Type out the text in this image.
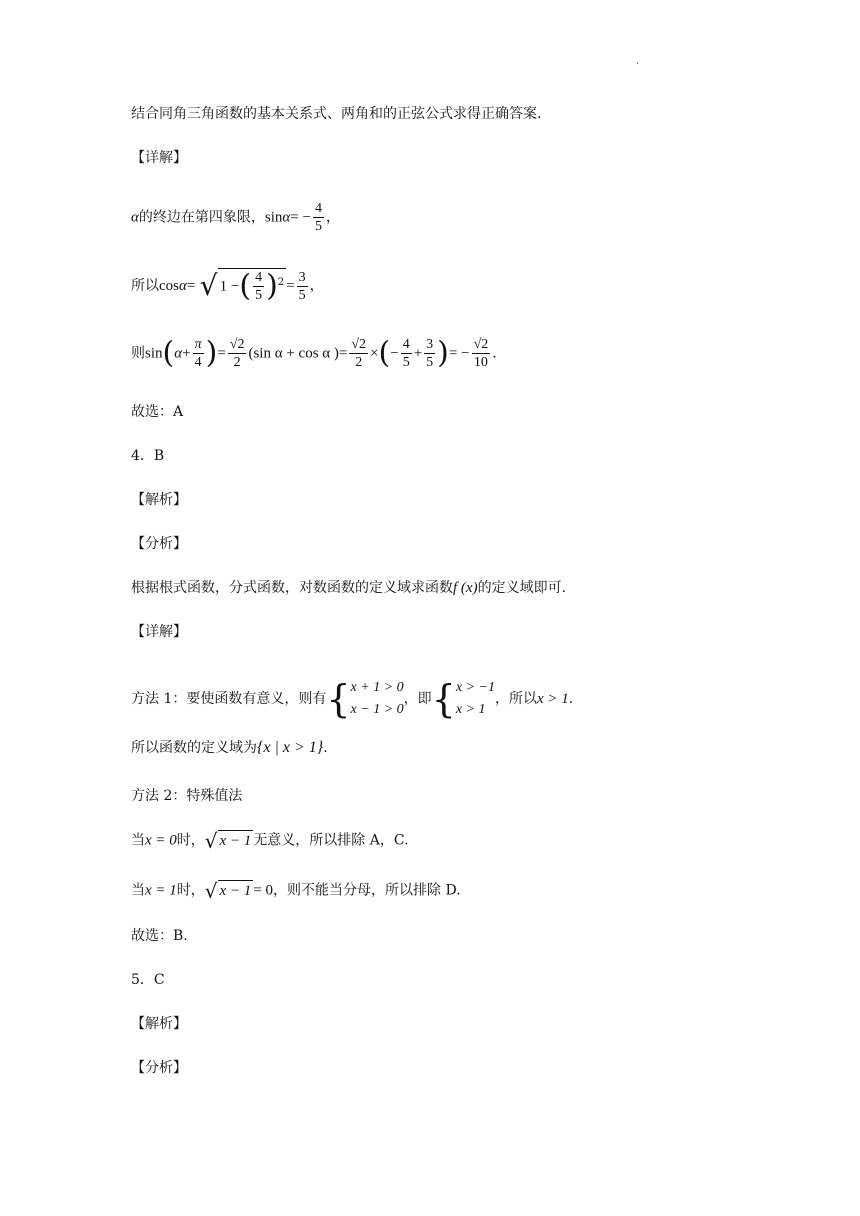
.
结合同角三角函数的基本关系式、两角和的正弦公式求得正确答案.
【详解】
α的终边在第四象限，$\sin\alpha= - \frac{4}{5}$ ，
所以cosα= √ 1 −( $\frac{4}{5} )^2 = \frac{3}{5}$ ，
则$\sin(\alpha+ \frac{\pi}{4}$ )= $\frac{√2}{2} (\sin$ α + cos α )= $\frac{√2}{2}$ ×(− $\frac{4}{5} + \frac{3}{5}$ )= − $\frac{√2}{10}$ .
故选：A
4．B
【解析】
【分析】
根据根式函数，分式函数，对数函数的定义域求函数f (x)的定义域即可.
【详解】
方法 1：要使函数有意义，则有{ x + 1 > 0
x − 1 > 0
，即{ x > −1
x > 1
，所以x > 1.
所以函数的定义域为{x | x > 1}.
方法 2：特殊值法
当x = 0时，√ x − 1 无意义，所以排除 A，C.
当x = 1时，√ x − 1 = 0，则不能当分母，所以排除 D.
故选：B.
5．C
【解析】
【分析】
